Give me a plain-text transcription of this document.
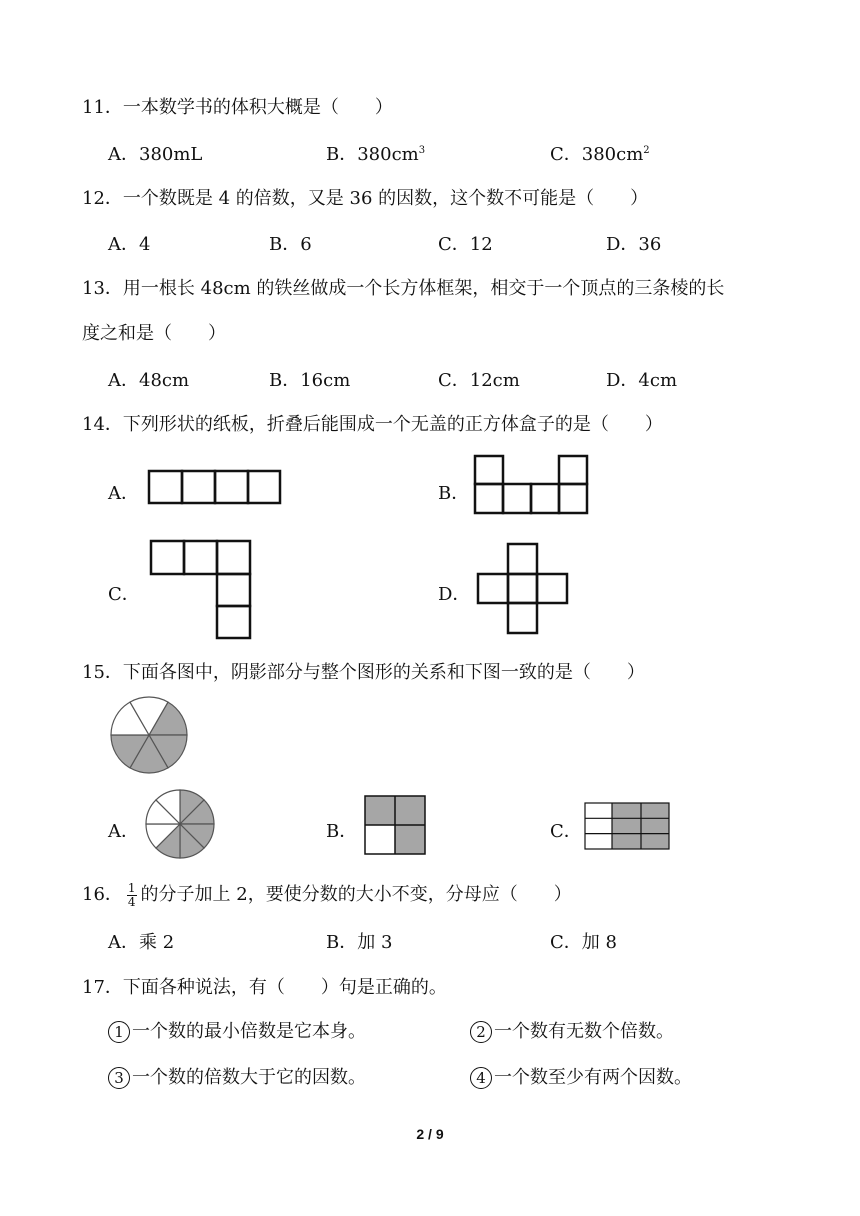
11．一本数学书的体积大概是（　　）
A．380mL	B．$380cm^3$	C．$380cm^2$
12．一个数既是 4 的倍数，又是 36 的因数，这个数不可能是（　　）
A．4	B．6	C．12	D．36
13．用一根长 48cm 的铁丝做成一个长方体框架，相交于一个顶点的三条棱的长
度之和是（　　）
A．48cm	B．16cm	C．12cm	D．4cm
14．下列形状的纸板，折叠后能围成一个无盖的正方体盒子的是（　　）
A．	B．
C．	D．
15．下面各图中，阴影部分与整个图形的关系和下图一致的是（　　）
A．	B．	C．
16． $\frac{1}{4}$ 的分子加上 2，要使分数的大小不变，分母应（　　）
A．乘 2	B．加 3	C．加 8
17．下面各种说法，有（　　）句是正确的。
1 一个数的最小倍数是它本身。	2 一个数有无数个倍数。
3 一个数的倍数大于它的因数。	4 一个数至少有两个因数。
2 / 9
